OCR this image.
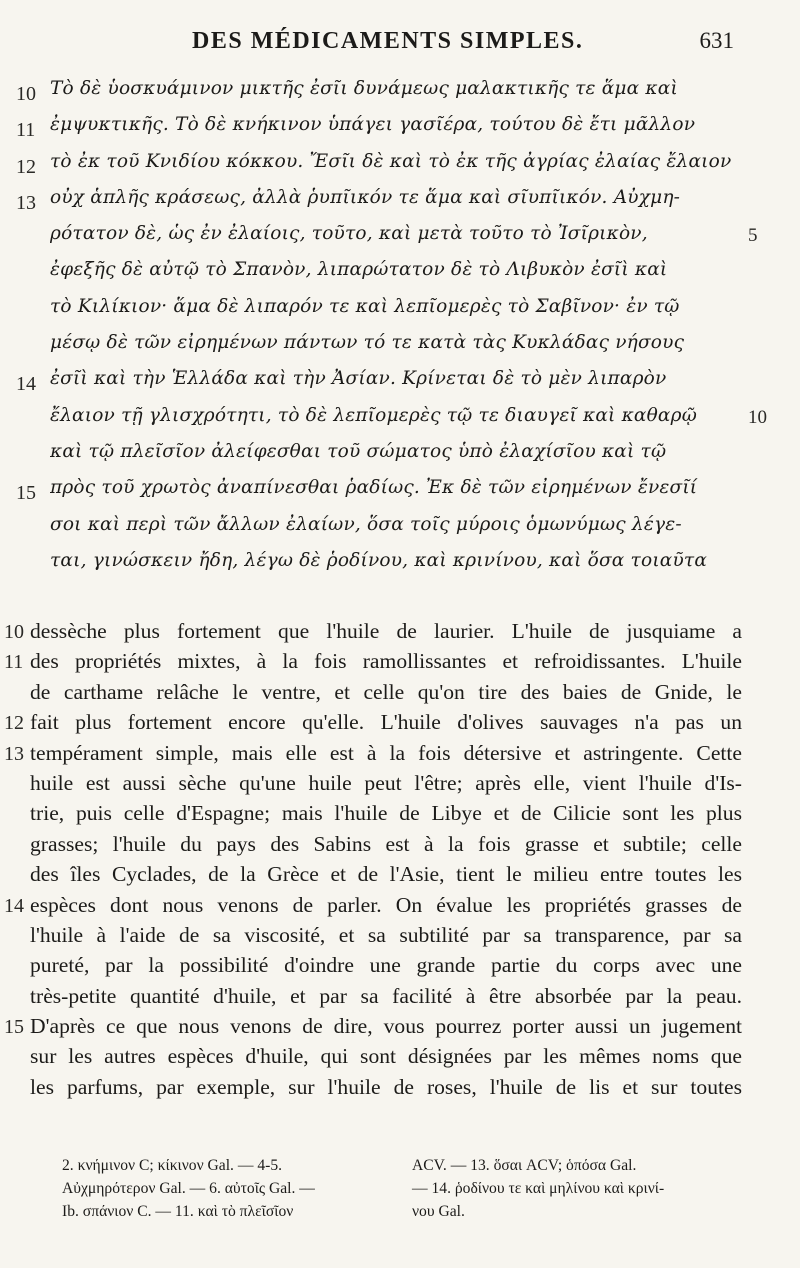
DES MÉDICAMENTS SIMPLES.	631
10 Τὸ δὲ ὑοσκυάμινον μικτῆς ἐσῖι δυνάμεως μαλακτικῆς τε ἅμα καὶ
11 ἐμψυκτικῆς. Τὸ δὲ κνήκινον ὑπάγει γασῖέρα, τούτου δὲ ἔτι μᾶλλον
12 τὸ ἐκ τοῦ Κνιδίου κόκκου. Ἔσῖι δὲ καὶ τὸ ἐκ τῆς ἀγρίας ἐλαίας ἔλαιον
13 οὐχ ἁπλῆς κράσεως, ἀλλὰ ῥυπῖικόν τε ἅμα καὶ σῖυπῖικόν. Αὐχμη-
ρότατον δὲ, ὡς ἐν ἐλαίοις, τοῦτο, καὶ μετὰ τοῦτο τὸ Ἰσῖρικὸν,	5
ἐφεξῆς δὲ αὐτῷ τὸ Σπανὸν, λιπαρώτατον δὲ τὸ Λιβυκὸν ἐσῖὶ καὶ
τὸ Κιλίκιον· ἅμα δὲ λιπαρόν τε καὶ λεπῖομερὲς τὸ Σαβῖνον· ἐν τῷ
μέσῳ δὲ τῶν εἰρημένων πάντων τό τε κατὰ τὰς Κυκλάδας νήσους
14 ἐσῖὶ καὶ τὴν Ἑλλάδα καὶ τὴν Ἀσίαν. Κρίνεται δὲ τὸ μὲν λιπαρὸν
ἔλαιον τῇ γλισχρότητι, τὸ δὲ λεπῖομερὲς τῷ τε διαυγεῖ καὶ καθαρῷ	10
καὶ τῷ πλεῖσῖον ἀλείφεσθαι τοῦ σώματος ὑπὸ ἐλαχίσῖου καὶ τῷ
15 πρὸς τοῦ χρωτὸς ἀναπίνεσθαι ῥαδίως. Ἐκ δὲ τῶν εἰρημένων ἔνεσῖί
σοι καὶ περὶ τῶν ἄλλων ἐλαίων, ὅσα τοῖς μύροις ὁμωνύμως λέγε-
ται, γινώσκειν ἤδη, λέγω δὲ ῥοδίνου, καὶ κρινίνου, καὶ ὅσα τοιαῦτα
10 dessèche plus fortement que l'huile de laurier. L'huile de jusquiame a
11 des propriétés mixtes, à la fois ramollissantes et refroidissantes. L'huile
de carthame relâche le ventre, et celle qu'on tire des baies de Gnide, le
12 fait plus fortement encore qu'elle. L'huile d'olives sauvages n'a pas un
13 tempérament simple, mais elle est à la fois détersive et astringente. Cette
huile est aussi sèche qu'une huile peut l'être; après elle, vient l'huile d'Is-
trie, puis celle d'Espagne; mais l'huile de Libye et de Cilicie sont les plus
grasses; l'huile du pays des Sabins est à la fois grasse et subtile; celle
des îles Cyclades, de la Grèce et de l'Asie, tient le milieu entre toutes les
14 espèces dont nous venons de parler. On évalue les propriétés grasses de
l'huile à l'aide de sa viscosité, et sa subtilité par sa transparence, par sa
pureté, par la possibilité d'oindre une grande partie du corps avec une
très-petite quantité d'huile, et par sa facilité à être absorbée par la peau.
15 D'après ce que nous venons de dire, vous pourrez porter aussi un jugement
sur les autres espèces d'huile, qui sont désignées par les mêmes noms que
les parfums, par exemple, sur l'huile de roses, l'huile de lis et sur toutes
2. κνήμινον C; κίκινον Gal. — 4-5.
Αὐχμηρότερον Gal. — 6. αὐτοῖς Gal. —
Ib. σπάνιον C. — 11. καὶ τὸ πλεῖσῖον
ACV. — 13. ὅσαι ACV; ὁπόσα Gal.
— 14. ῥοδίνου τε καὶ μηλίνου καὶ κρινί-
νου Gal.
